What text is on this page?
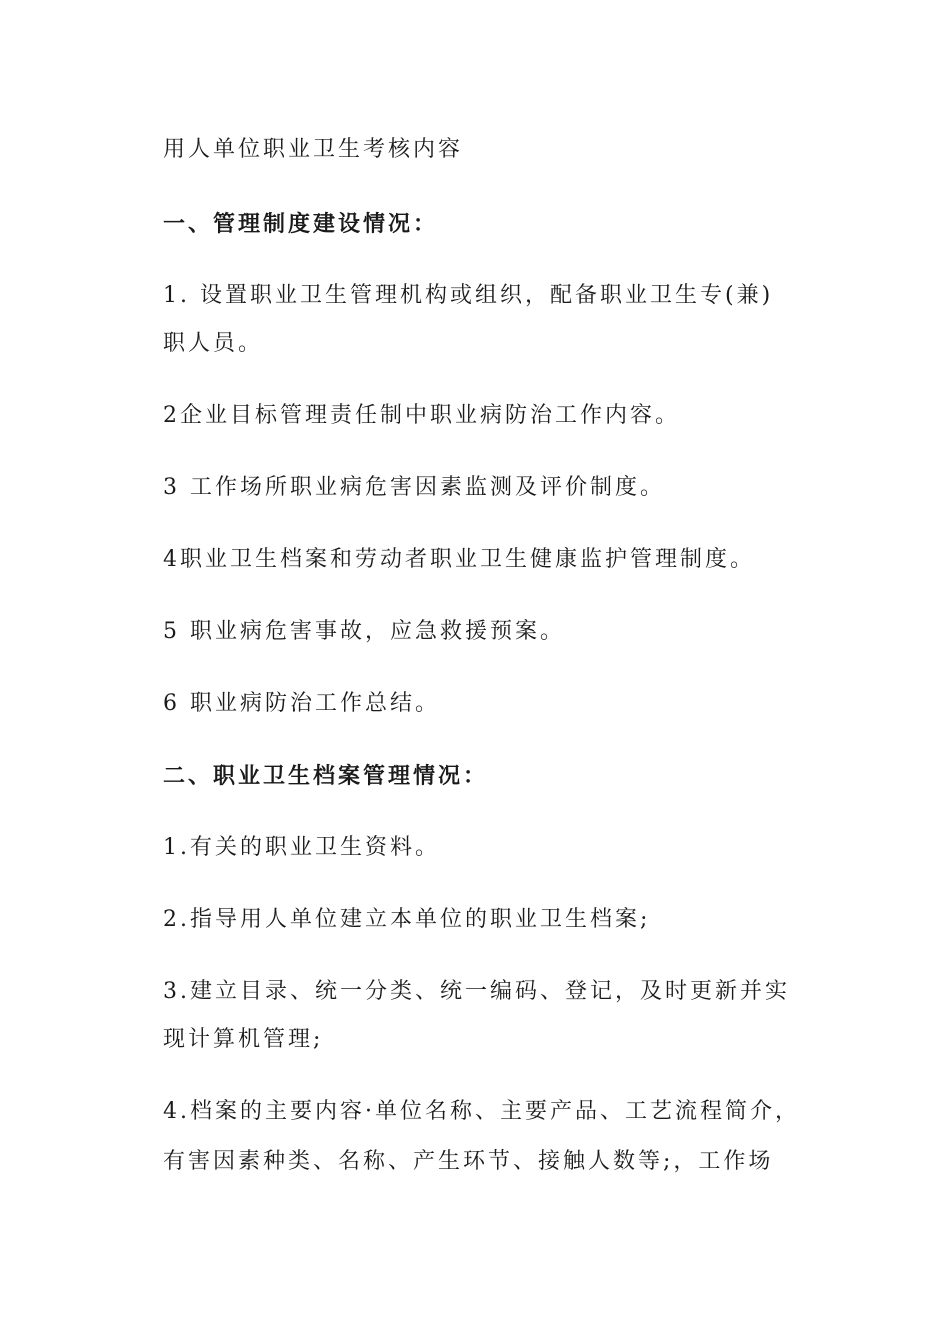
用人单位职业卫生考核内容
一、管理制度建设情况：
1. 设置职业卫生管理机构或组织，配备职业卫生专(兼)
职人员。
2企业目标管理责任制中职业病防治工作内容。
3 工作场所职业病危害因素监测及评价制度。
4职业卫生档案和劳动者职业卫生健康监护管理制度。
5 职业病危害事故，应急救援预案。
6 职业病防治工作总结。
二、职业卫生档案管理情况：
1.有关的职业卫生资料。
2.指导用人单位建立本单位的职业卫生档案;
3.建立目录、统一分类、统一编码、登记，及时更新并实
现计算机管理;
4.档案的主要内容·单位名称、主要产品、工艺流程简介，
有害因素种类、名称、产生环节、接触人数等;，工作场
